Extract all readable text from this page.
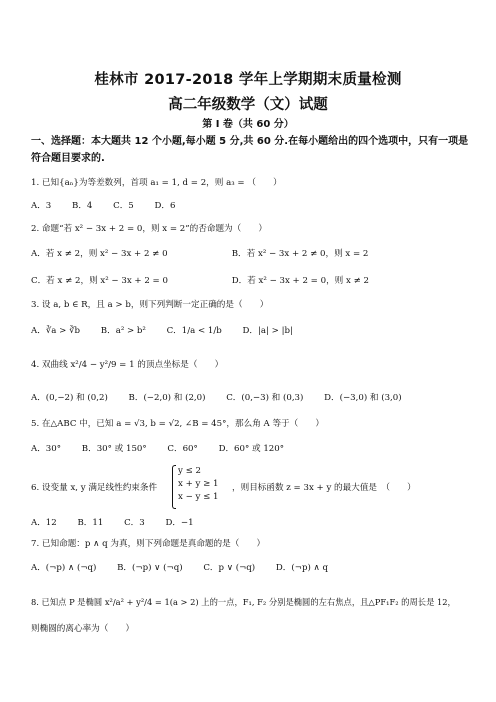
桂林市 2017-2018 学年上学期期末质量检测
高二年级数学（文）试题
第 I 卷（共 60 分）
一、选择题：本大题共 12 个小题,每小题 5 分,共 60 分.在每小题给出的四个选项中，只有一项是符合题目要求的.
1. 已知{aₙ}为等差数列，首项 a₁ = 1, d = 2，则 a₃ = （　　）
A．3 B．4 C．5 D．6
2. 命题“若 x² − 3x + 2 = 0，则 x = 2”的否命题为（　　）
A．若 x ≠ 2，则 x² − 3x + 2 ≠ 0	B．若 x² − 3x + 2 ≠ 0，则 x = 2
C．若 x ≠ 2，则 x² − 3x + 2 = 0	D．若 x² − 3x + 2 = 0，则 x ≠ 2
3. 设 a, b ∈ R，且 a > b，则下列判断一定正确的是（　　）
A．∛a > ∛b B．a² > b² C．1/a < 1/b D．|a| > |b|
4. 双曲线 x²/4 − y²/9 = 1 的顶点坐标是（　　）
A．(0,−2) 和 (0,2) B．(−2,0) 和 (2,0) C．(0,−3) 和 (0,3) D．(−3,0) 和 (3,0)
5. 在△ABC 中，已知 a = √3, b = √2, ∠B = 45°，那么角 A 等于（　　）
A．30° B．30° 或 150° C．60° D．60° 或 120°
6. 设变量 x, y 满足线性约束条件
y ≤ 2
x + y ≥ 1
x − y ≤ 1
，则目标函数 z = 3x + y 的最大值是　（　　）
A．12 B．11 C．3 D．−1
7. 已知命题：p ∧ q 为真，则下列命题是真命题的是（　　）
A．(¬p) ∧ (¬q) B．(¬p) ∨ (¬q) C．p ∨ (¬q) D．(¬p) ∧ q
8. 已知点 P 是椭圆 x²/a² + y²/4 = 1(a > 2) 上的一点，F₁, F₂ 分别是椭圆的左右焦点，且△PF₁F₂ 的周长是 12，
则椭圆的离心率为（　　）
